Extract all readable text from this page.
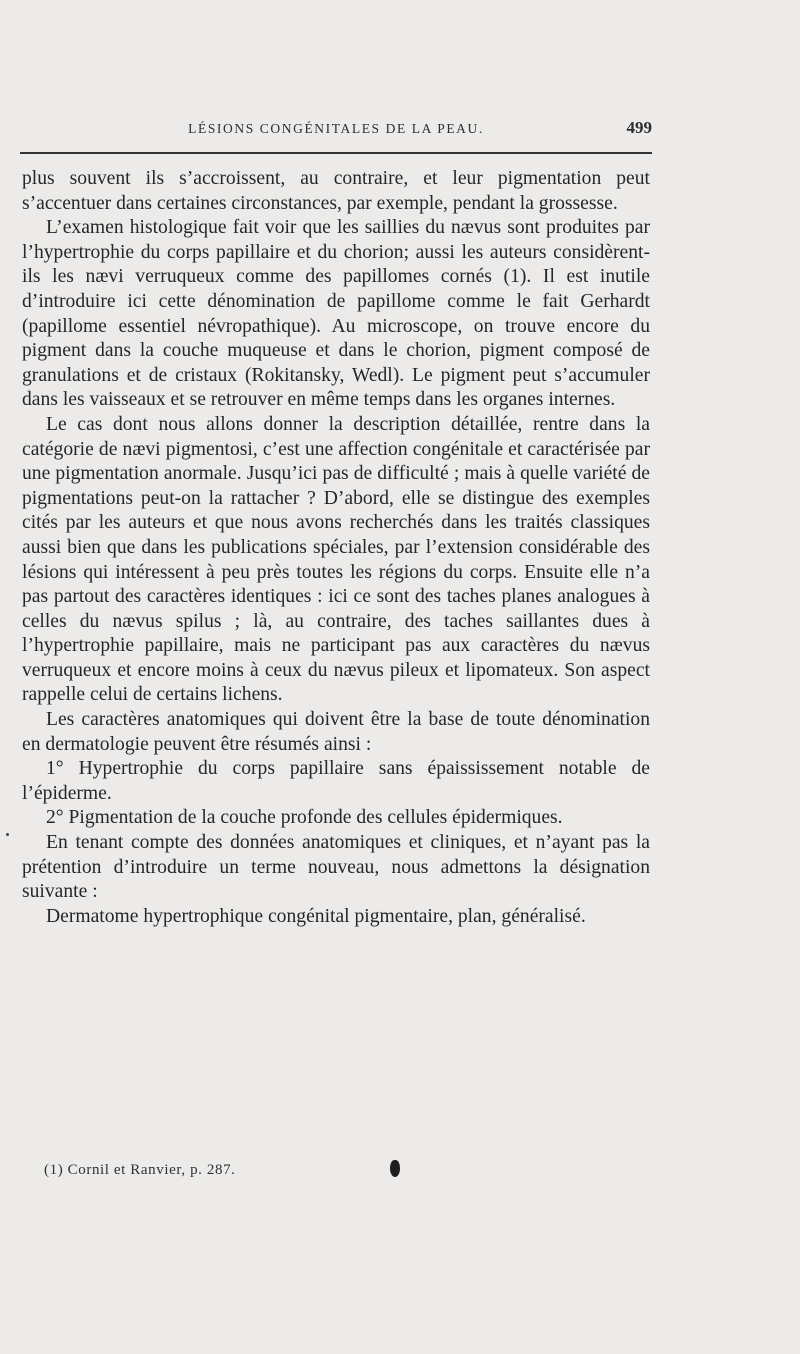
LÉSIONS CONGÉNITALES DE LA PEAU.	499

plus souvent ils s’accroissent, au contraire, et leur pigmentation peut s’accentuer dans certaines circonstances, par exemple, pendant la grossesse.

L’examen histologique fait voir que les saillies du nævus sont produites par l’hypertrophie du corps papillaire et du chorion; aussi les auteurs considèrent-ils les nævi verruqueux comme des papillomes cornés (1). Il est inutile d’introduire ici cette dénomination de papillome comme le fait Gerhardt (papillome essentiel névropathique). Au microscope, on trouve encore du pigment dans la couche muqueuse et dans le chorion, pigment composé de granulations et de cristaux (Rokitansky, Wedl). Le pigment peut s’accumuler dans les vaisseaux et se retrouver en même temps dans les organes internes.

Le cas dont nous allons donner la description détaillée, rentre dans la catégorie de nævi pigmentosi, c’est une affection congénitale et caractérisée par une pigmentation anormale. Jusqu’ici pas de difficulté ; mais à quelle variété de pigmentations peut-on la rattacher ? D’abord, elle se distingue des exemples cités par les auteurs et que nous avons recherchés dans les traités classiques aussi bien que dans les publications spéciales, par l’extension considérable des lésions qui intéressent à peu près toutes les régions du corps. Ensuite elle n’a pas partout des caractères identiques : ici ce sont des taches planes analogues à celles du nævus spilus ; là, au contraire, des taches saillantes dues à l’hypertrophie papillaire, mais ne participant pas aux caractères du nævus verruqueux et encore moins à ceux du nævus pileux et lipomateux. Son aspect rappelle celui de certains lichens.

Les caractères anatomiques qui doivent être la base de toute dénomination en dermatologie peuvent être résumés ainsi :

1° Hypertrophie du corps papillaire sans épaississement notable de l’épiderme.

2° Pigmentation de la couche profonde des cellules épidermiques.

En tenant compte des données anatomiques et cliniques, et n’ayant pas la prétention d’introduire un terme nouveau, nous admettons la désignation suivante :

Dermatome hypertrophique congénital pigmentaire, plan, généralisé.

(1) Cornil et Ranvier, p. 287.
